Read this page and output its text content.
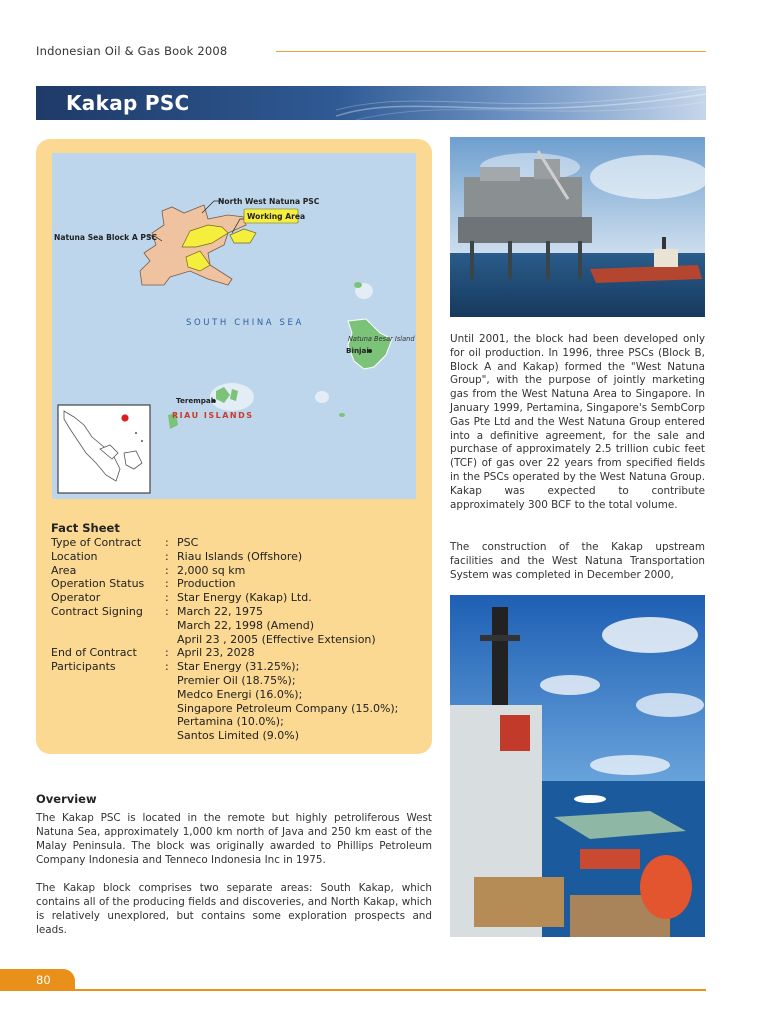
Indonesian Oil & Gas Book 2008
Kakap PSC
North West Natuna PSC
Working Area
Natuna Sea Block A PSC
SOUTH CHINA SEA
Natuna Besar Island
Binjai
Terempah
RIAU ISLANDS
Fact Sheet
Type of Contract	: PSC
Location	: Riau Islands (Offshore)
Area	: 2,000 sq km
Operation Status	: Production
Operator	: Star Energy (Kakap) Ltd.
Contract Signing	: March 22, 1975
March 22, 1998 (Amend)
April 23 , 2005 (Effective Extension)
End of Contract	: April 23, 2028
Participants	: Star Energy (31.25%);
Premier Oil (18.75%);
Medco Energi (16.0%);
Singapore Petroleum Company (15.0%);
Pertamina (10.0%);
Santos Limited (9.0%)
Overview

The Kakap PSC is located in the remote but highly petroliferous West Natuna Sea, approximately 1,000 km north of Java and 250 km east of the Malay Peninsula. The block was originally awarded to Phillips Petroleum Company Indonesia and Tenneco Indonesia Inc in 1975.

The Kakap block comprises two separate areas: South Kakap, which contains all of the producing fields and discoveries, and North Kakap, which is relatively unexplored, but contains some exploration prospects and leads.

Until 2001, the block had been developed only for oil production. In 1996, three PSCs (Block B, Block A and Kakap) formed the "West Natuna Group", with the purpose of jointly marketing gas from the West Natuna Area to Singapore. In January 1999, Pertamina, Singapore's SembCorp Gas Pte Ltd and the West Natuna Group entered into a definitive agreement, for the sale and purchase of approximately 2.5 trillion cubic feet (TCF) of gas over 22 years from specified fields in the PSCs operated by the West Natuna Group. Kakap was expected to contribute approximately 300 BCF to the total volume.

The construction of the Kakap upstream facilities and the West Natuna Transportation System was completed in December 2000,

80
